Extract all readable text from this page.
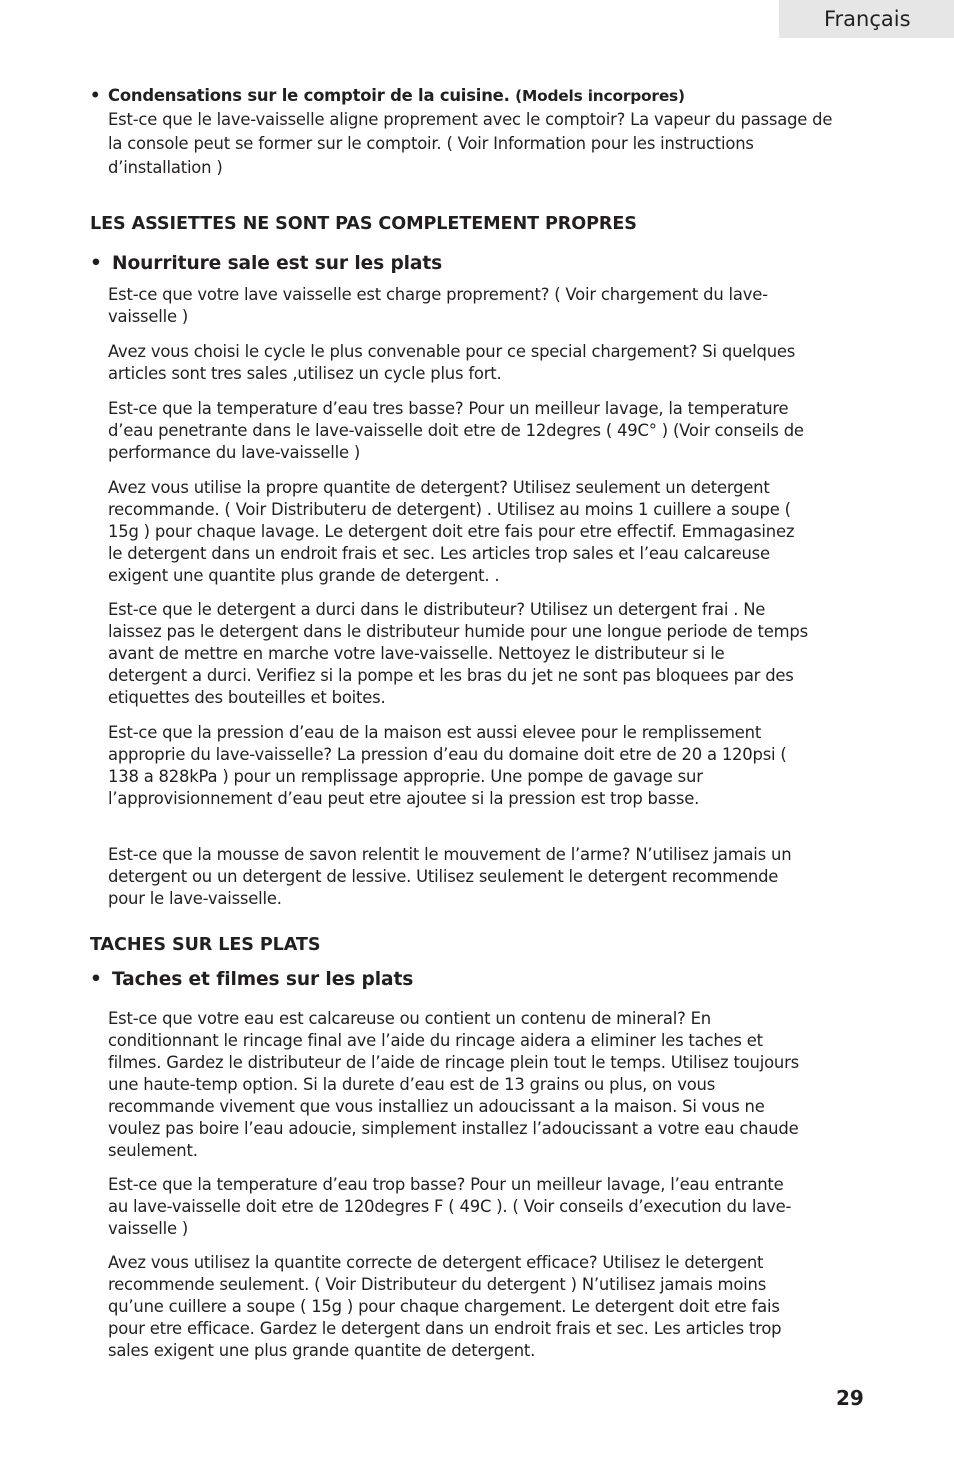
Français
• Condensations sur le comptoir de la cuisine. (Models incorpores)
Est-ce que le lave-vaisselle aligne proprement avec le comptoir? La vapeur du passage de la console peut se former sur le comptoir. ( Voir Information pour les instructions d’installation )
LES ASSIETTES NE SONT PAS COMPLETEMENT PROPRES
• Nourriture sale est sur les plats

Est-ce que votre lave vaisselle est charge proprement? ( Voir chargement du lave-vaisselle )

Avez vous choisi le cycle le plus convenable pour ce special chargement? Si quelques articles sont tres sales ,utilisez un cycle plus fort.

Est-ce que la temperature d’eau tres basse? Pour un meilleur lavage, la temperature d’eau penetrante dans le lave-vaisselle doit etre de 12degres ( 49C° ) (Voir conseils de performance du lave-vaisselle )

Avez vous utilise la propre quantite de detergent? Utilisez seulement un detergent recommande. ( Voir Distributeru de detergent) . Utilisez au moins 1 cuillere a soupe ( 15g ) pour chaque lavage. Le detergent doit etre fais pour etre effectif. Emmagasinez le detergent dans un endroit frais et sec. Les articles trop sales et l’eau calcareuse exigent une quantite plus grande de detergent. .

Est-ce que le detergent a durci dans le distributeur? Utilisez un detergent frai . Ne laissez pas le detergent dans le distributeur humide pour une longue periode de temps avant de mettre en marche votre lave-vaisselle. Nettoyez le distributeur si le detergent a durci. Verifiez si la pompe et les bras du jet ne sont pas bloquees par des etiquettes des bouteilles et boites.

Est-ce que la pression d’eau de la maison est aussi elevee pour le remplissement approprie du lave-vaisselle? La pression d’eau du domaine doit etre de 20 a 120psi ( 138 a 828kPa ) pour un remplissage approprie. Une pompe de gavage sur l’approvisionnement d’eau peut etre ajoutee si la pression est trop basse.

Est-ce que la mousse de savon relentit le mouvement de l’arme? N’utilisez jamais un detergent ou un detergent de lessive. Utilisez seulement le detergent recommende pour le lave-vaisselle.

TACHES SUR LES PLATS
• Taches et filmes sur les plats

Est-ce que votre eau est calcareuse ou contient un contenu de mineral? En conditionnant le rincage final ave l’aide du rincage aidera a eliminer les taches et filmes. Gardez le distributeur de l’aide de rincage plein tout le temps. Utilisez toujours une haute-temp option. Si la durete d’eau est de 13 grains ou plus, on vous recommande vivement que vous installiez un adoucissant a la maison. Si vous ne voulez pas boire l’eau adoucie, simplement installez l’adoucissant a votre eau chaude seulement.

Est-ce que la temperature d’eau trop basse? Pour un meilleur lavage, l’eau entrante au lave-vaisselle doit etre de 120degres F ( 49C ). ( Voir conseils d’execution du lave-vaisselle )

Avez vous utilisez la quantite correcte de detergent efficace? Utilisez le detergent recommende seulement. ( Voir Distributeur du detergent ) N’utilisez jamais moins qu’une cuillere a soupe ( 15g ) pour chaque chargement. Le detergent doit etre fais pour etre efficace. Gardez le detergent dans un endroit frais et sec. Les articles trop sales exigent une plus grande quantite de detergent.

29
